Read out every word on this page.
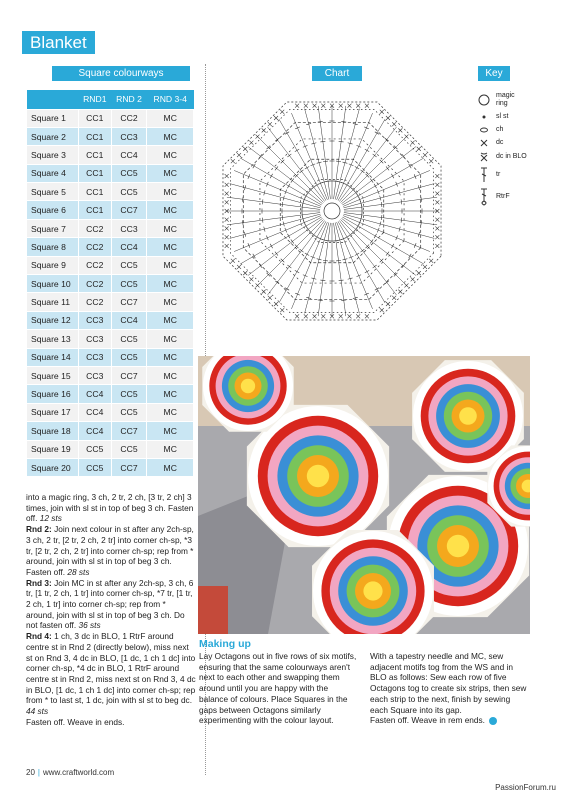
Blanket
Square colourways	Chart	Key
	RND1	RND 2	RND 3-4
Square 1	CC1	CC2	MC
Square 2	CC1	CC3	MC
Square 3	CC1	CC4	MC
Square 4	CC1	CC5	MC
Square 5	CC1	CC5	MC
Square 6	CC1	CC7	MC
Square 7	CC2	CC3	MC
Square 8	CC2	CC4	MC
Square 9	CC2	CC5	MC
Square 10	CC2	CC5	MC
Square 11	CC2	CC7	MC
Square 12	CC3	CC4	MC
Square 13	CC3	CC5	MC
Square 14	CC3	CC5	MC
Square 15	CC3	CC7	MC
Square 16	CC4	CC5	MC
Square 17	CC4	CC5	MC
Square 18	CC4	CC7	MC
Square 19	CC5	CC5	MC
Square 20	CC5	CC7	MC
magic ring
sl st
ch
dc
dc in BLO
tr
RtrF

into a magic ring, 3 ch, 2 tr, 2 ch, [3 tr, 2 ch] 3 times, join with sl st in top of beg 3 ch. Fasten off. 12 sts

Rnd 2: Join next colour in st after any 2ch-sp, 3 ch, 2 tr, [2 tr, 2 ch, 2 tr] into corner ch-sp, *3 tr, [2 tr, 2 ch, 2 tr] into corner ch-sp; rep from * around, join with sl st in top of beg 3 ch. Fasten off. 28 sts

Rnd 3: Join MC in st after any 2ch-sp, 3 ch, 6 tr, [1 tr, 2 ch, 1 tr] into corner ch-sp, *7 tr, [1 tr, 2 ch, 1 tr] into corner ch-sp; rep from * around, join with sl st in top of beg 3 ch. Do not fasten off. 36 sts

Rnd 4: 1 ch, 3 dc in BLO, 1 RtrF around centre st in Rnd 2 (directly below), miss next st on Rnd 3, 4 dc in BLO, [1 dc, 1 ch 1 dc] into corner ch-sp, *4 dc in BLO, 1 RtrF around centre st in Rnd 2, miss next st on Rnd 3, 4 dc in BLO, [1 dc, 1 ch 1 dc] into corner ch-sp; rep from * to last st, 1 dc, join with sl st to beg dc. 44 sts

Fasten off. Weave in ends.

Making up

Lay Octagons out in five rows of six motifs, ensuring that the same colourways aren't next to each other and swapping them around until you are happy with the balance of colours. Place Squares in the gaps between Octagons similarly experimenting with the colour layout.

With a tapestry needle and MC, sew adjacent motifs tog from the WS and in BLO as follows: Sew each row of five Octagons tog to create six strips, then sew each strip to the next, finish by sewing each Square into its gap.

Fasten off. Weave in rem ends.

20 | www.craftworld.com
PassionForum.ru
